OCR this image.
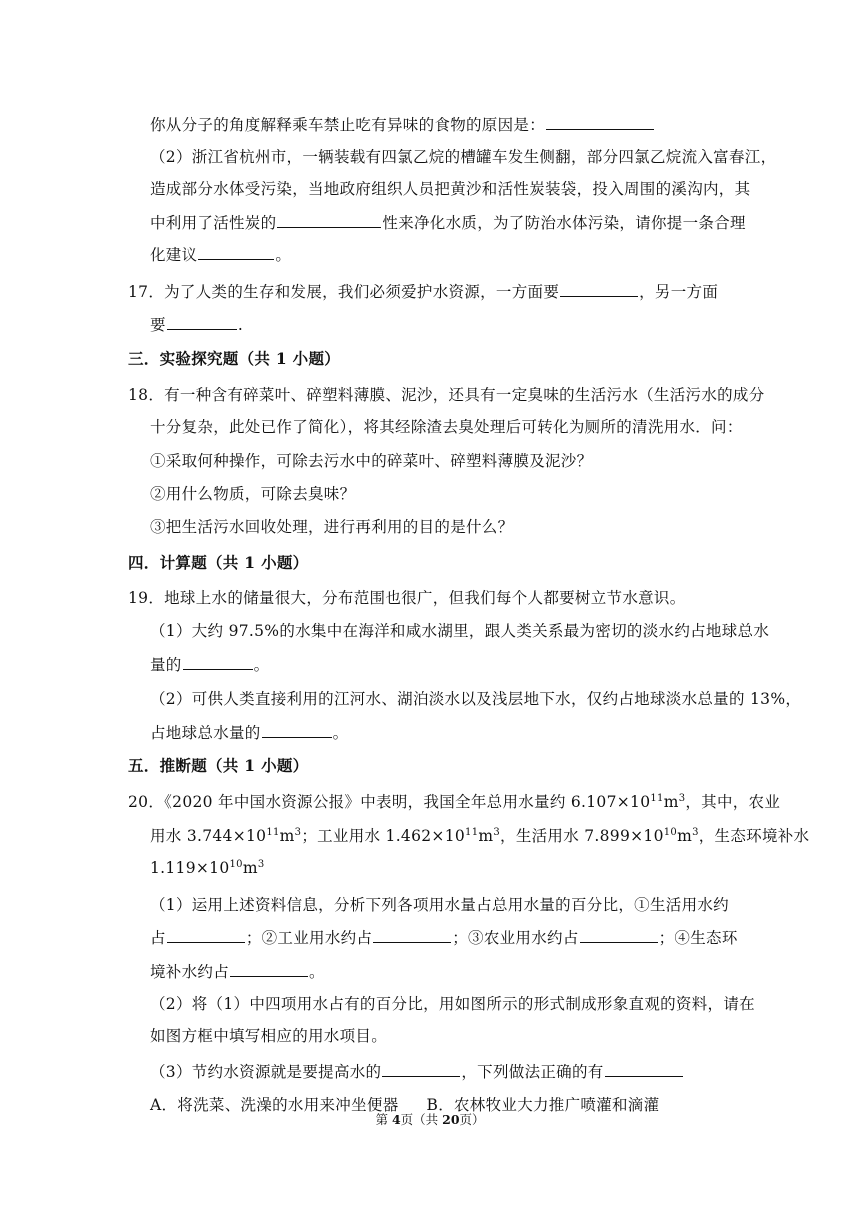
你从分子的角度解释乘车禁止吃有异味的食物的原因是：
（2）浙江省杭州市，一辆装载有四氯乙烷的槽罐车发生侧翻，部分四氯乙烷流入富春江，
造成部分水体受污染，当地政府组织人员把黄沙和活性炭装袋，投入周围的溪沟内，其
中利用了活性炭的	性来净化水质，为了防治水体污染，请你提一条合理
化建议	。
17．为了人类的生存和发展，我们必须爱护水资源，一方面要	，另一方面
要	.
三．实验探究题（共 1 小题）
18．有一种含有碎菜叶、碎塑料薄膜、泥沙，还具有一定臭味的生活污水（生活污水的成分
十分复杂，此处已作了简化），将其经除渣去臭处理后可转化为厕所的清洗用水．问：
①采取何种操作，可除去污水中的碎菜叶、碎塑料薄膜及泥沙？
②用什么物质，可除去臭味？
③把生活污水回收处理，进行再利用的目的是什么？
四．计算题（共 1 小题）
19．地球上水的储量很大，分布范围也很广，但我们每个人都要树立节水意识。
（1）大约 97.5%的水集中在海洋和咸水湖里，跟人类关系最为密切的淡水约占地球总水
量的	。
（2）可供人类直接利用的江河水、湖泊淡水以及浅层地下水，仅约占地球淡水总量的 13%，
占地球总水量的	。
五．推断题（共 1 小题）
20．《2020 年中国水资源公报》中表明，我国全年总用水量约 $6.107\times 10^{11}m^3$，其中，农业
用水 $3.744\times 10^{11}m^3$；工业用水 $1.462\times 10^{11}m^3$，生活用水 $7.899\times 10^{10}m^3$，生态环境补水
$1.119\times 10^{10}m^3$
（1）运用上述资料信息，分析下列各项用水量占总用水量的百分比，①生活用水约
占	；②工业用水约占	；③农业用水约占	；④生态环
境补水约占	。
（2）将（1）中四项用水占有的百分比，用如图所示的形式制成形象直观的资料，请在
如图方框中填写相应的用水项目。
（3）节约水资源就是要提高水的	，下列做法正确的有
A．将洗菜、洗澡的水用来冲坐便器 B．农林牧业大力推广喷灌和滴灌
第 4页（共 20页）
